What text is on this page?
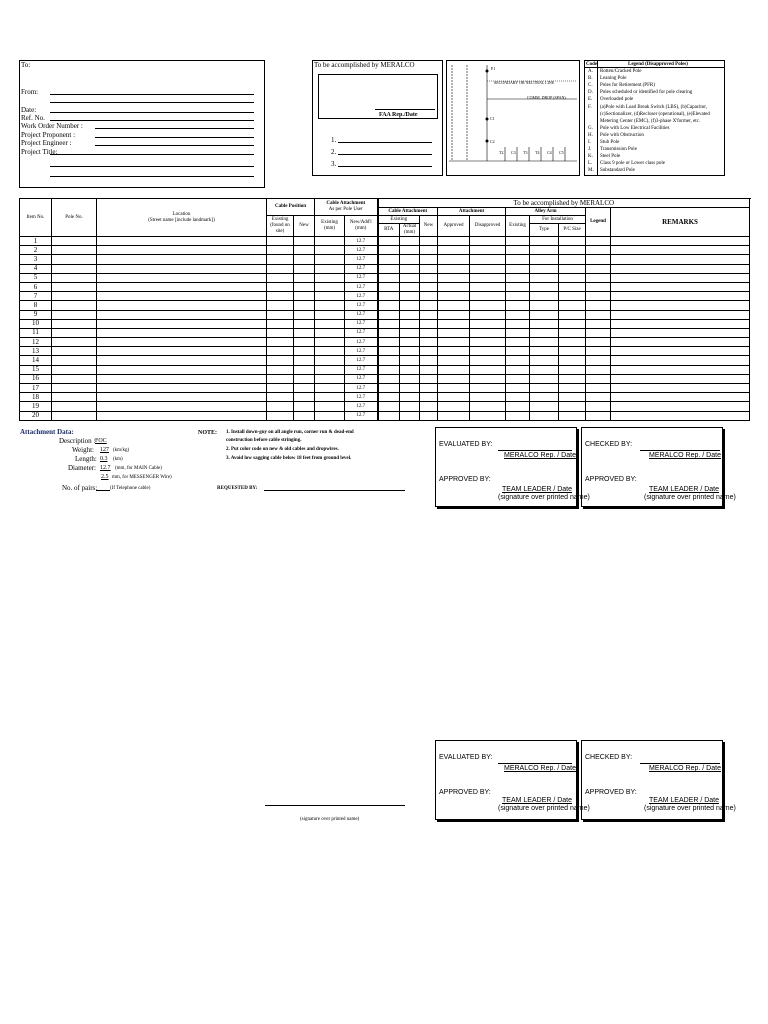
To:
From:
Date:
Ref. No.
Work Order Number :
Project Proponent :
Project Engineer :
Project Title:
To be accomplished by MERALCO
FAA Rep./Date
1.
2.
3.
P1
SECONDARY OR NEUTRAL LINE
COMM. DROP (SPAN)
C1
C2
T2 C3 T3 T4 C4 C5
Code	Legend (Disapproved Poles)
A. Rotten/Cracked Pole
B. Leaning Pole
C. Poles for Retirement (PFR)
D. Poles scheduled or identified for pole clearing
E. Overloaded pole
F. (a)Pole with Load Break Switch (LBS), (b)Capacitor,
(c)Sectionalizer, (d)Recloser (operational), (e)Elevated
Metering Center (EMC), (f)3-phase X'former, etc.
G. Pole with Low Electrical Facilities
H. Pole with Obstruction
I. Stub Pole
J. Transmission Pole
K. Steel Pole
L. Class 9 pole or Lower class pole
M. Substandard Pole
Item No.	Pole No.	Location
(Street name [include landmark])	Cable Position		Cable Attachment
As per Pole User		To be accomplished by MERALCO									
							Cable Attachment			Attachment		Alley Arm			Legend	REMARKS
			Existing (found on site)	New	Existing (mm)	New/Add'l (mm)	Existing		New	Approved	Disapproved	Existing	For Installation			
							RTA	Actual (mm)					Type	P/C Size		
1						12.7										
2						12.7										
3						12.7										
4						12.7										
5						12.7										
6						12.7										
7						12.7										
8						12.7										
9						12.7										
10						12.7										
11						12.7										
12						12.7										
13						12.7										
14						12.7										
15						12.7										
16						12.7										
17						12.7										
18						12.7										
19						12.7										
20						12.7										
Attachment Data:
Description : FOC
Weight: 127 (km/kg)
Length: 0.3 (km)
Diameter: 12.7 (mm, for MAIN Cable)
2.5 mm, for MESSENGER Wire)
No. of pairs:	(If Telephone cable)
NOTE: 1. Install down-guy on all angle run, corner run & dead-end
construction before cable stringing.
2. Put color code on new & old cables and dropwires.
3. Avoid low sagging cable below 18 feet from ground level.
REQUESTED BY:
EVALUATED BY:
MERALCO Rep. / Date
APPROVED BY:
TEAM LEADER / Date
(signature over printed name)
CHECKED BY:
MERALCO Rep. / Date
APPROVED BY:
TEAM LEADER / Date
(signature over printed name)
EVALUATED BY:
MERALCO Rep. / Date
APPROVED BY:
TEAM LEADER / Date
(signature over printed name)
CHECKED BY:
MERALCO Rep. / Date
APPROVED BY:
TEAM LEADER / Date
(signature over printed name)
(signature over printed name)
